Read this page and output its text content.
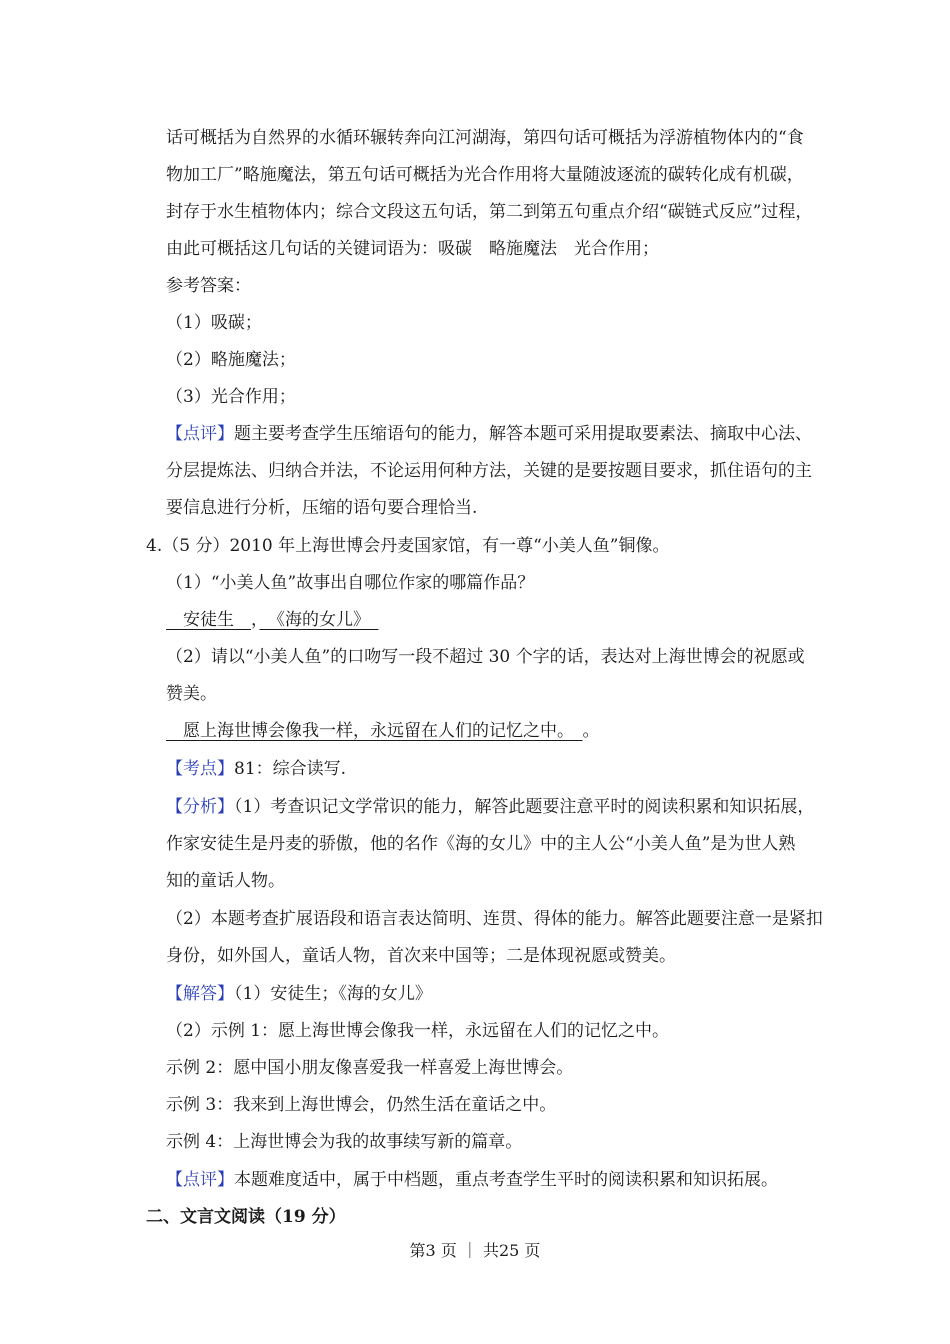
话可概括为自然界的水循环辗转奔向江河湖海，第四句话可概括为浮游植物体内的“食
物加工厂”略施魔法，第五句话可概括为光合作用将大量随波逐流的碳转化成有机碳，
封存于水生植物体内；综合文段这五句话，第二到第五句重点介绍“碳链式反应”过程，
由此可概括这几句话的关键词语为：吸碳　略施魔法　光合作用；
参考答案：
（1）吸碳；
（2）略施魔法；
（3）光合作用；
【点评】题主要考查学生压缩语句的能力，解答本题可采用提取要素法、摘取中心法、
分层提炼法、归纳合并法，不论运用何种方法，关键的是要按题目要求，抓住语句的主
要信息进行分析，压缩的语句要合理恰当.
4.（5 分）2010 年上海世博会丹麦国家馆，有一尊“小美人鱼”铜像。
（1）“小美人鱼”故事出自哪位作家的哪篇作品？
　安徒生　，　《海的女儿》　
（2）请以“小美人鱼”的口吻写一段不超过 30 个字的话，表达对上海世博会的祝愿或
赞美。
　愿上海世博会像我一样，永远留在人们的记忆之中。　。
【考点】81：综合读写.
【分析】（1）考查识记文学常识的能力，解答此题要注意平时的阅读积累和知识拓展，
作家安徒生是丹麦的骄傲，他的名作《海的女儿》中的主人公“小美人鱼”是为世人熟
知的童话人物。
（2）本题考查扩展语段和语言表达简明、连贯、得体的能力。解答此题要注意一是紧扣
身份，如外国人，童话人物，首次来中国等；二是体现祝愿或赞美。
【解答】（1）安徒生；《海的女儿》
（2）示例 1：愿上海世博会像我一样，永远留在人们的记忆之中。
示例 2：愿中国小朋友像喜爱我一样喜爱上海世博会。
示例 3：我来到上海世博会，仍然生活在童话之中。
示例 4：上海世博会为我的故事续写新的篇章。
【点评】本题难度适中，属于中档题，重点考查学生平时的阅读积累和知识拓展。
二、文言文阅读（19 分）
第3 页 ｜ 共25 页
